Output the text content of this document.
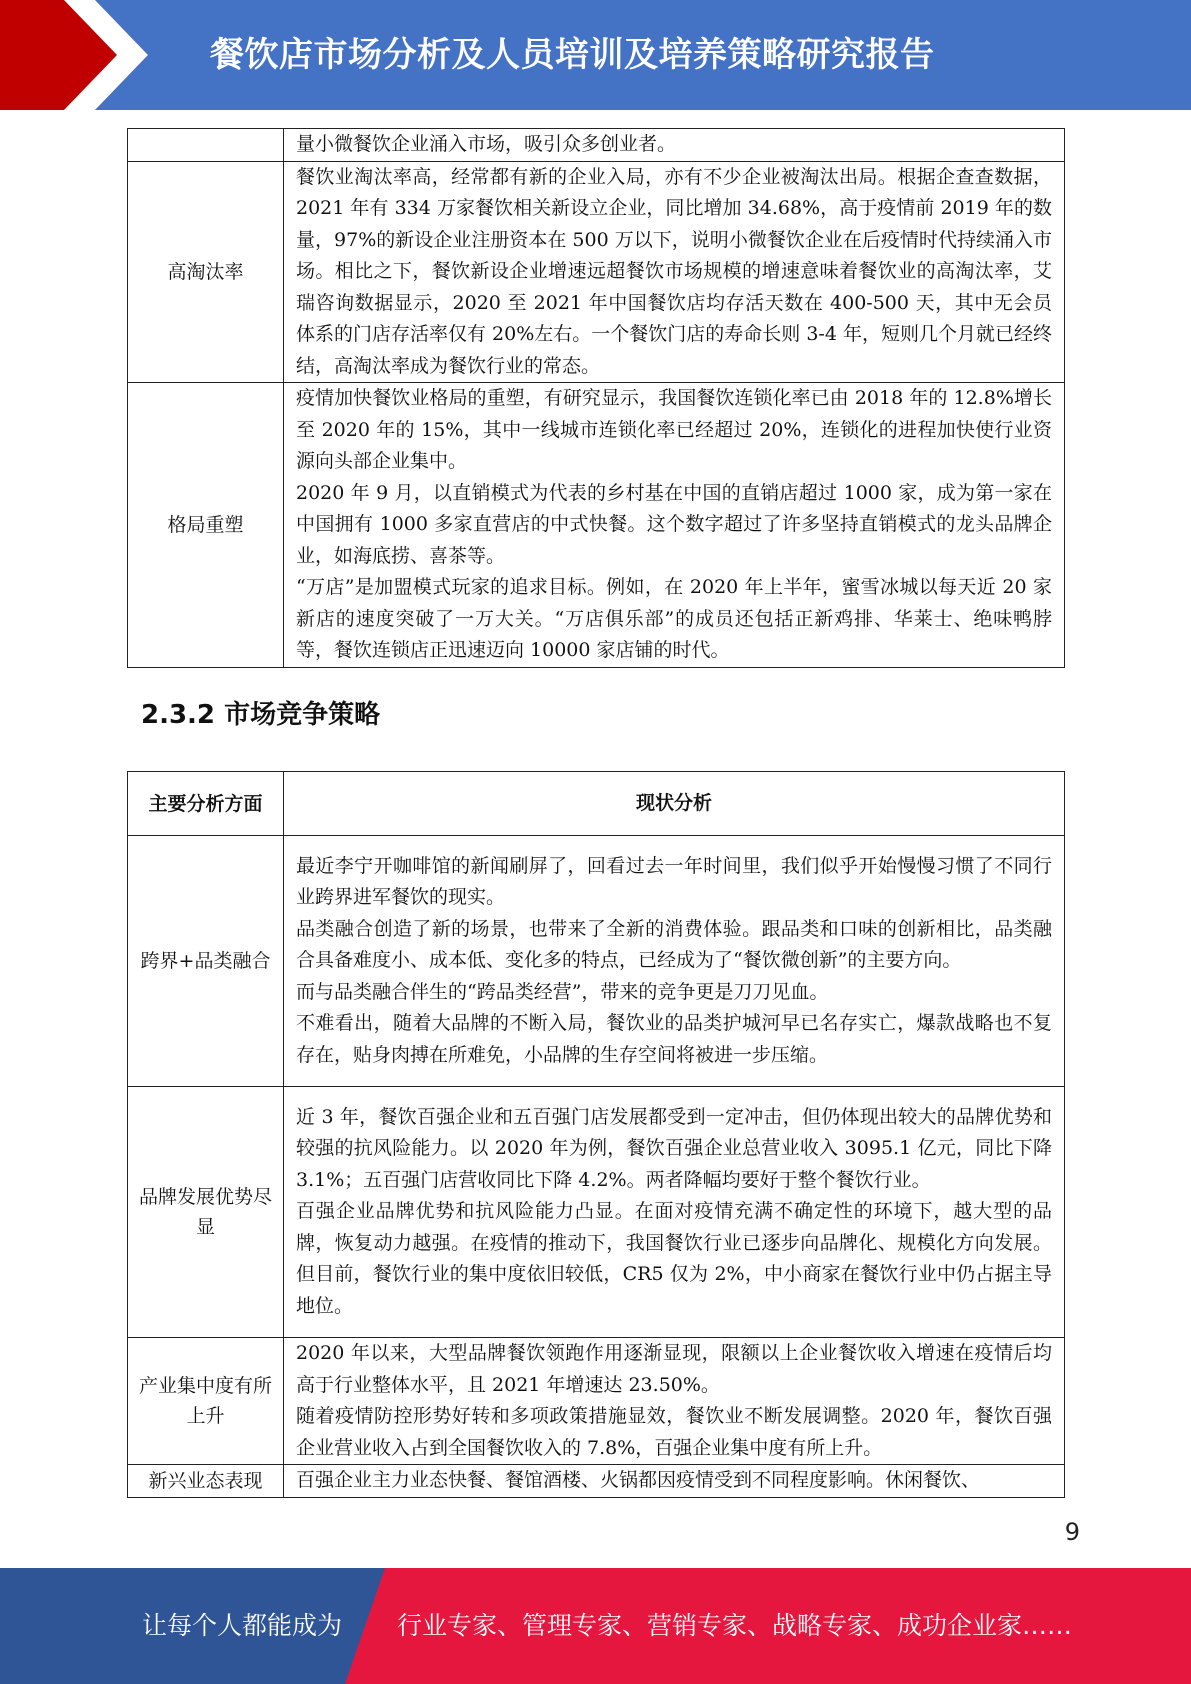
餐饮店市场分析及人员培训及培养策略研究报告

	量小微餐饮企业涌入市场，吸引众多创业者。

高淘汰率	餐饮业淘汰率高，经常都有新的企业入局，亦有不少企业被淘汰出局。根据企查查数据，2021 年有 334 万家餐饮相关新设立企业，同比增加 34.68%，高于疫情前 2019 年的数量，97%的新设企业注册资本在 500 万以下，说明小微餐饮企业在后疫情时代持续涌入市场。相比之下，餐饮新设企业增速远超餐饮市场规模的增速意味着餐饮业的高淘汰率，艾瑞咨询数据显示，2020 至 2021 年中国餐饮店均存活天数在 400-500 天，其中无会员体系的门店存活率仅有 20%左右。一个餐饮门店的寿命长则 3-4 年，短则几个月就已经终结，高淘汰率成为餐饮行业的常态。

格局重塑	疫情加快餐饮业格局的重塑，有研究显示，我国餐饮连锁化率已由 2018 年的 12.8%增长至 2020 年的 15%，其中一线城市连锁化率已经超过 20%，连锁化的进程加快使行业资源向头部企业集中。

2020 年 9 月，以直销模式为代表的乡村基在中国的直销店超过 1000 家，成为第一家在中国拥有 1000 多家直营店的中式快餐。这个数字超过了许多坚持直销模式的龙头品牌企业，如海底捞、喜茶等。

“万店”是加盟模式玩家的追求目标。例如，在 2020 年上半年，蜜雪冰城以每天近 20 家新店的速度突破了一万大关。“万店俱乐部”的成员还包括正新鸡排、华莱士、绝味鸭脖等，餐饮连锁店正迅速迈向 10000 家店铺的时代。

2.3.2 市场竞争策略
主要分析方面	现状分析
跨界+品类融合	最近李宁开咖啡馆的新闻刷屏了，回看过去一年时间里，我们似乎开始慢慢习惯了不同行业跨界进军餐饮的现实。

品类融合创造了新的场景，也带来了全新的消费体验。跟品类和口味的创新相比，品类融合具备难度小、成本低、变化多的特点，已经成为了“餐饮微创新”的主要方向。

而与品类融合伴生的“跨品类经营”，带来的竞争更是刀刀见血。

不难看出，随着大品牌的不断入局，餐饮业的品类护城河早已名存实亡，爆款战略也不复存在，贴身肉搏在所难免，小品牌的生存空间将被进一步压缩。

品牌发展优势尽显	近 3 年，餐饮百强企业和五百强门店发展都受到一定冲击，但仍体现出较大的品牌优势和较强的抗风险能力。以 2020 年为例，餐饮百强企业总营业收入 3095.1 亿元，同比下降 3.1%；五百强门店营收同比下降 4.2%。两者降幅均要好于整个餐饮行业。

百强企业品牌优势和抗风险能力凸显。在面对疫情充满不确定性的环境下，越大型的品牌，恢复动力越强。在疫情的推动下，我国餐饮行业已逐步向品牌化、规模化方向发展。但目前，餐饮行业的集中度依旧较低，CR5 仅为 2%，中小商家在餐饮行业中仍占据主导地位。

产业集中度有所上升	2020 年以来，大型品牌餐饮领跑作用逐渐显现，限额以上企业餐饮收入增速在疫情后均高于行业整体水平，且 2021 年增速达 23.50%。

随着疫情防控形势好转和多项政策措施显效，餐饮业不断发展调整。2020 年，餐饮百强企业营业收入占到全国餐饮收入的 7.8%，百强企业集中度有所上升。

新兴业态表现	百强企业主力业态快餐、餐馆酒楼、火锅都因疫情受到不同程度影响。休闲餐饮、

9
让每个人都能成为 行业专家、管理专家、营销专家、战略专家、成功企业家……
